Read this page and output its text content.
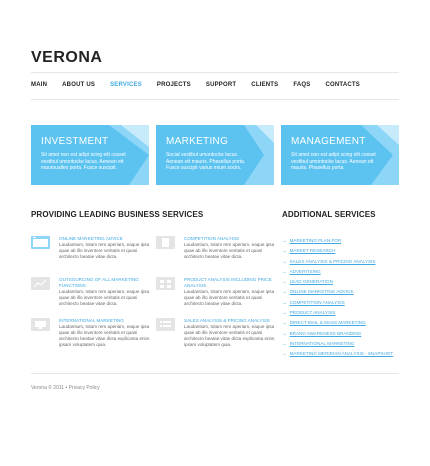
VERONA
MAIN	ABOUT US	SERVICES	PROJECTS	SUPPORT	CLIENTS	FAQS	CONTACTS
INVESTMENT
Sit amet non est adipi scing elit cosset vestibul umontocke lacus. Aenean ett mauroualles porta. Fusce suscipit.
MARKETING
Social vestibul umontocke lacus. Aenean ett mauris. Phasellus porta. Fusce suscipit varius mium sociis.
MANAGEMENT
Sit amet non est adipi scing elit cosset vestibul umontocke lacus. Aenean ett mauris. Phasellus porta.
PROVIDING LEADING BUSINESS SERVICES	ADDITIONAL SERVICES
ONLINE MARKETING ADVICE
Laudantium, totam rem aperiam, eaque ipsa quae ab illo inventore veritatis et quasi architecto beatae vitae dicta.
COMPETITION ANALYSIS
Laudantium, totam rem aperiam, eaque ipsa quae ab illo inventore veritatis et quasi architecto beatae vitae dicta.
OUTSOURCING OF ALL MARKETING FUNCTIONS
Laudantium, totam rem aperiam, eaque ipsa quae ab illo inventore veritatis et quasi architecto beatae vitae dicta.
PRODUCT ANALYSIS INCLUDING PRICE ANALYSIS
Laudantium, totam rem aperiam, eaque ipsa quae ab illo inventore veritatis et quasi architecto beatae vitae dicta.
INTERNATIONAL MARKETING
Laudantium, totam rem aperiam, eaque ipsa quae ab illo inventore veritatis et quasi architecto beatae vitae dicta explicanta enim ipsam voluptatem quia.
SALES ANALYSIS & PRICING ANALYSIS
Laudantium, totam rem aperiam, eaque ipsa quae ab illo inventore veritatis et quasi architecto beatae vitae dicta explicanta enim ipsam voluptatem quia.
→ MARKETING PLAN FOR
→ MARKET RESEARCH
→ SALES ANALYSIS & PRICING ANALYSIS
→ ADVERTISING
→ LEAD GENERATION
→ ONLINE MARKETING ADVICE
→ COMPETITION ANALYSIS
→ PRODUCT ANALYSIS
→ DIRECT MAIL & MASS MARKETING
→ BRAND AWARENESS BRANDING
→ INTERNATIONAL MARKETING
→ MARKETING MERIDIAN ANALYSIS - SNAPSHOT
Verona © 2011 • Privacy Policy
